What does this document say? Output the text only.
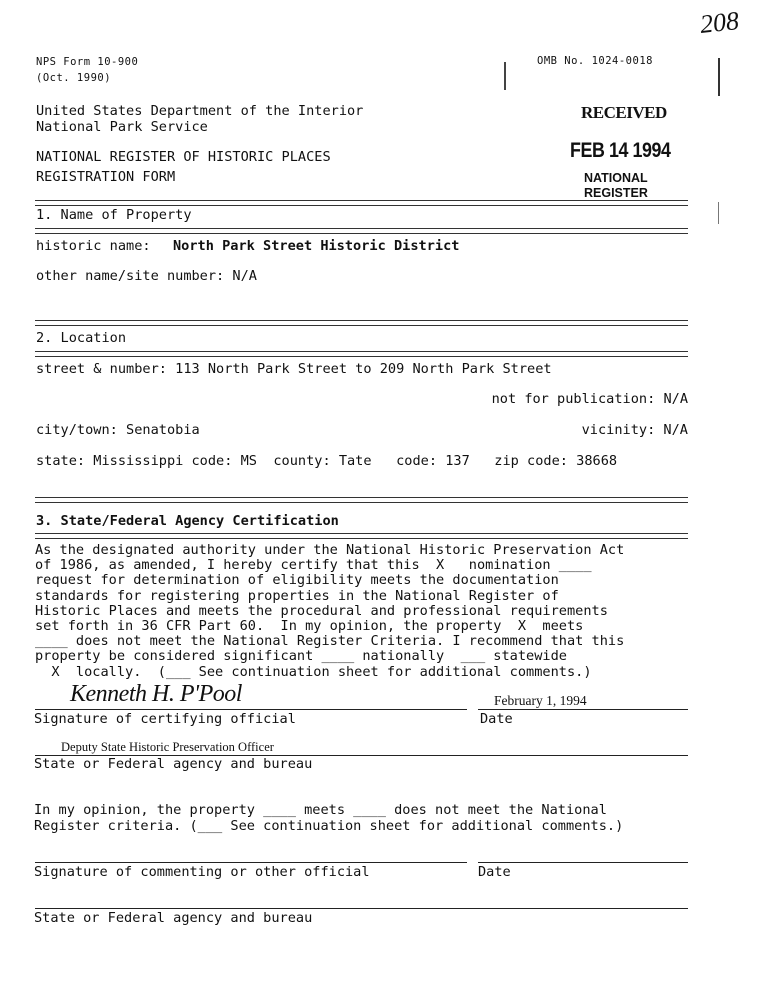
208
NPS Form 10-900
(Oct. 1990)
OMB No. 1024-0018
United States Department of the Interior
National Park Service
NATIONAL REGISTER OF HISTORIC PLACES
REGISTRATION FORM
RECEIVED
FEB 14 1994
NATIONAL
REGISTER
1. Name of Property
historic name: North Park Street Historic District
other name/site number: N/A
2. Location
street & number: 113 North Park Street to 209 North Park Street
not for publication: N/A
city/town: Senatobia	vicinity: N/A
state: Mississippi code: MS  county: Tate   code: 137   zip code: 38668
3. State/Federal Agency Certification
As the designated authority under the National Historic Preservation Act
of 1986, as amended, I hereby certify that this  X   nomination ____
request for determination of eligibility meets the documentation
standards for registering properties in the National Register of
Historic Places and meets the procedural and professional requirements
set forth in 36 CFR Part 60.  In my opinion, the property  X  meets
____ does not meet the National Register Criteria. I recommend that this
property be considered significant ____ nationally  ___ statewide
X  locally.  (___ See continuation sheet for additional comments.)
Kenneth H. P'Pool	February 1, 1994
Signature of certifying official	Date
Deputy State Historic Preservation Officer
State or Federal agency and bureau
In my opinion, the property ____ meets ____ does not meet the National
Register criteria. (___ See continuation sheet for additional comments.)
Signature of commenting or other official	Date
State or Federal agency and bureau
